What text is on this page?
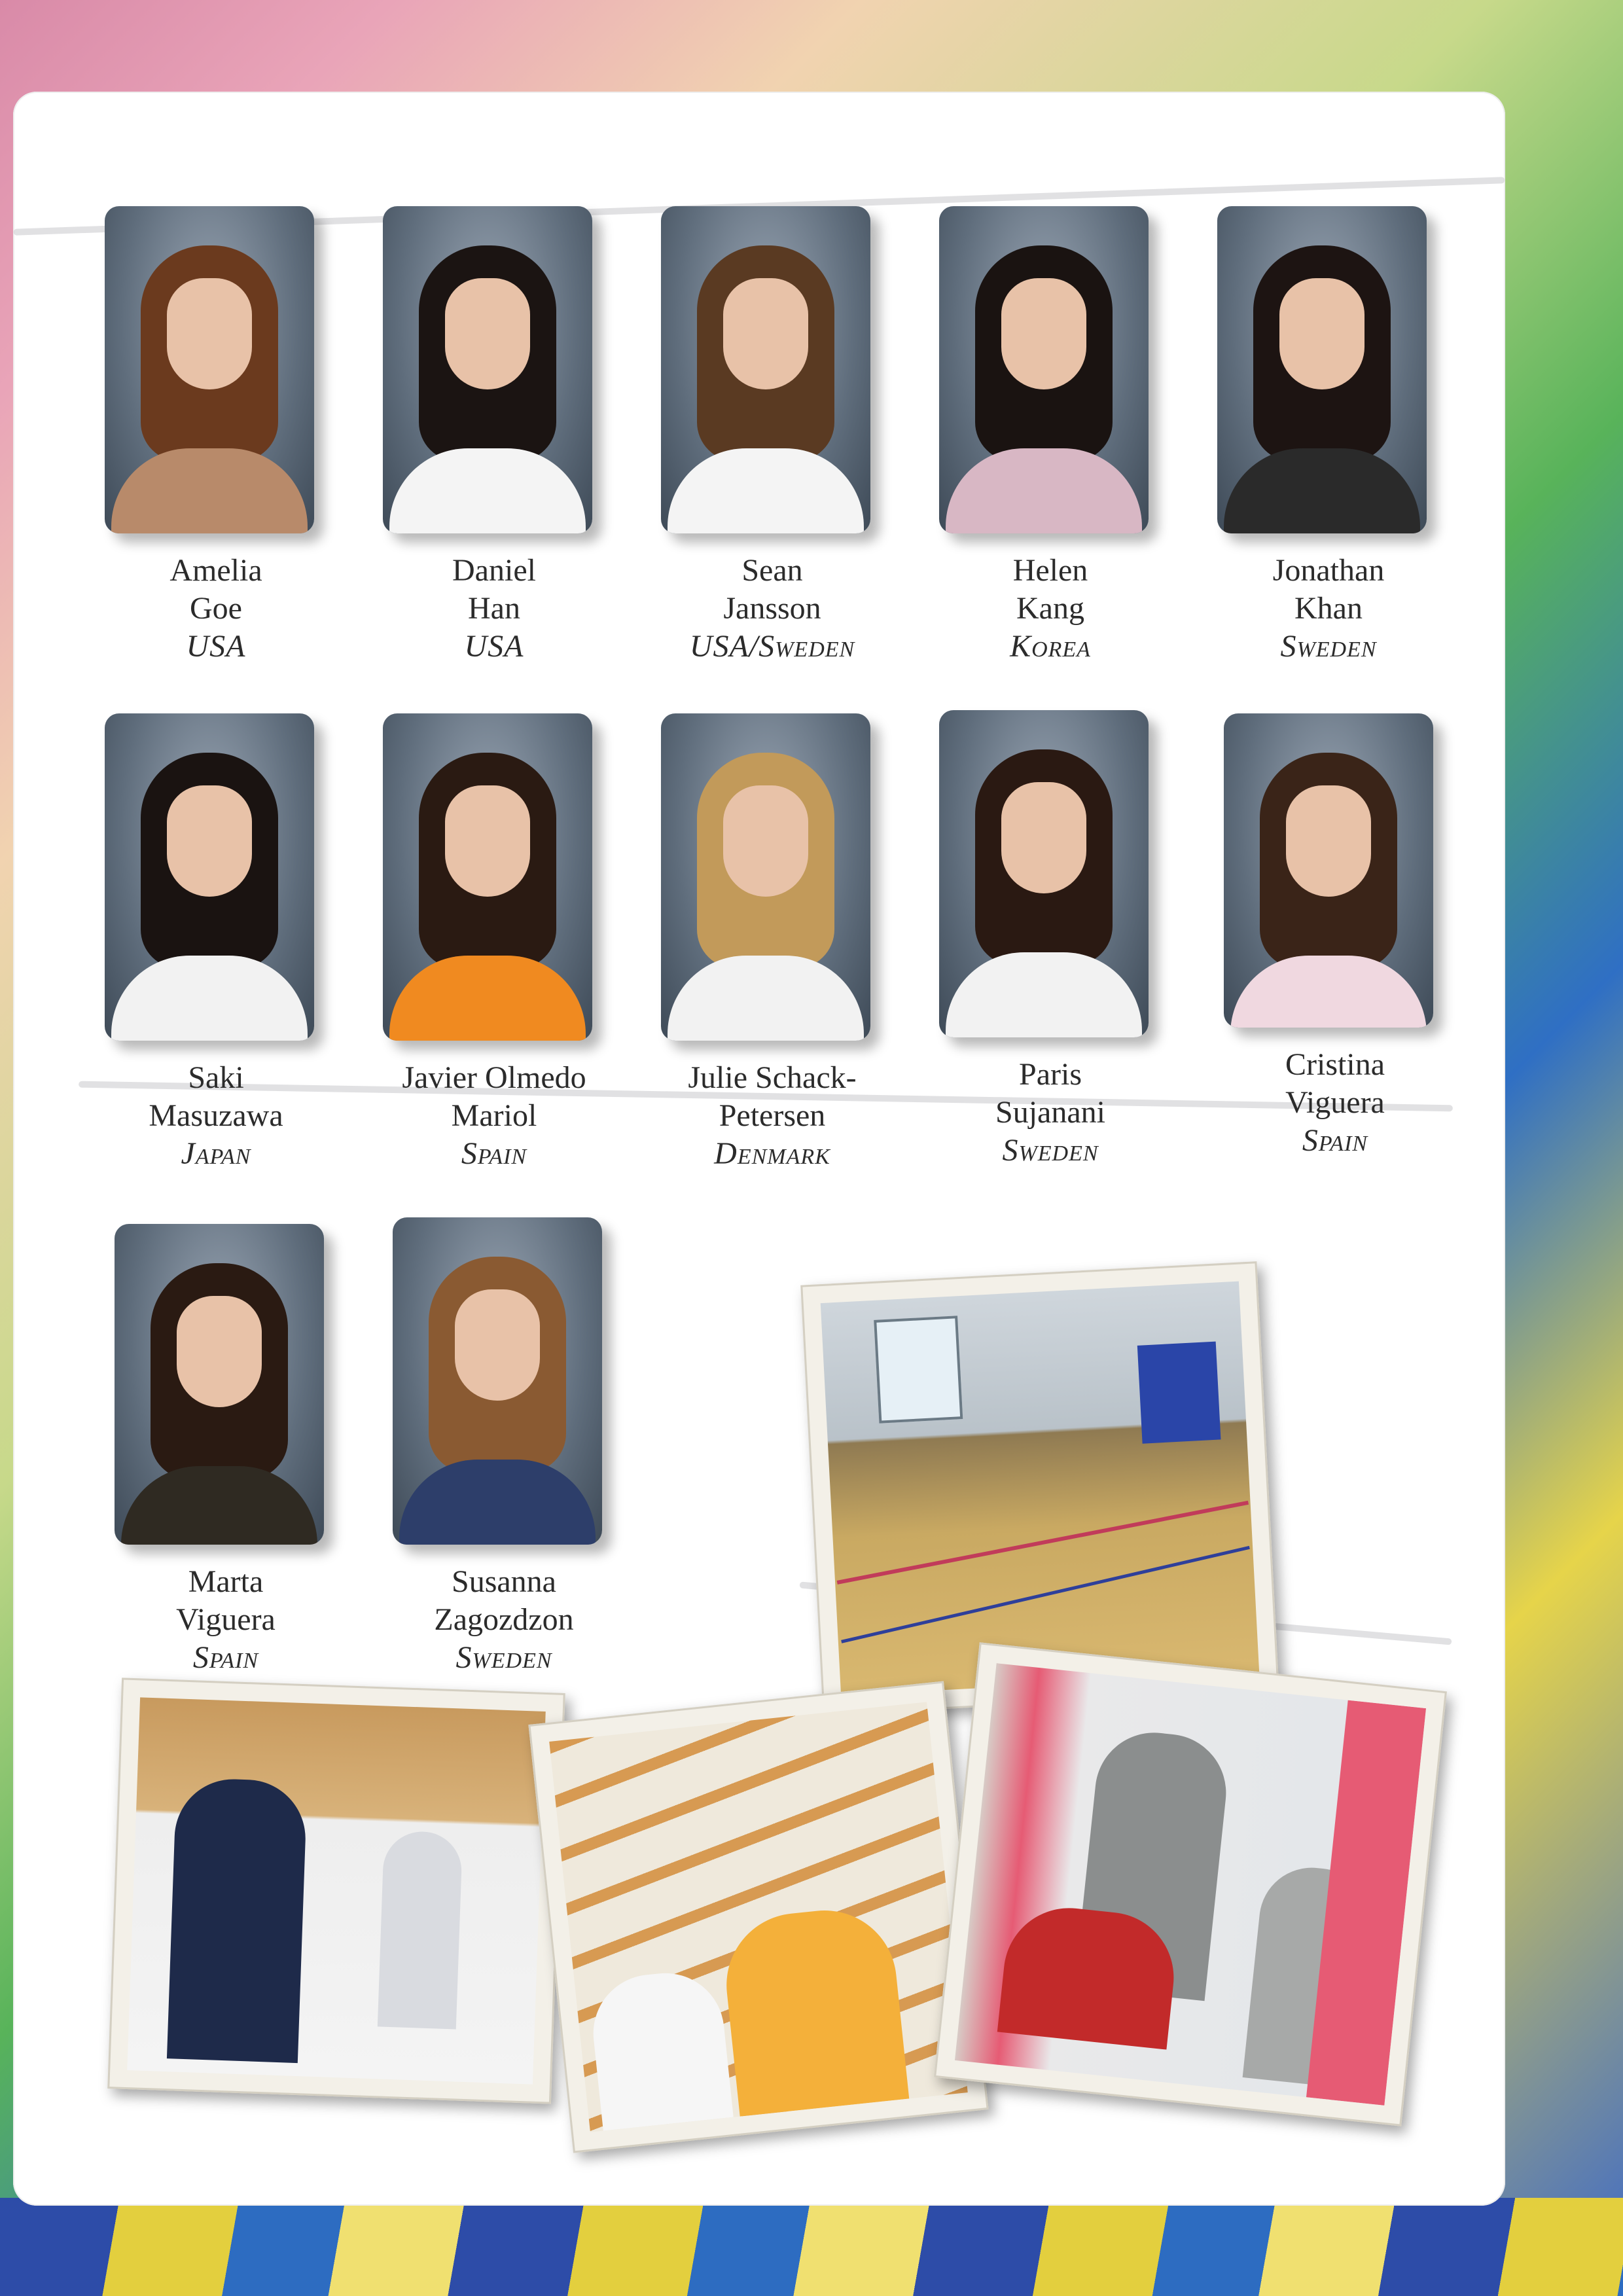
Amelia
Goe
USA
Daniel
Han
USA
Sean
Jansson
USA/Sweden
Helen
Kang
Korea
Jonathan
Khan
Sweden
Saki
Masuzawa
Japan
Javier Olmedo
Mariol
Spain
Julie Schack-
Petersen
Denmark
Paris
Sujanani
Sweden
Cristina
Viguera
Spain
Marta
Viguera
Spain
Susanna
Zagozdzon
Sweden
